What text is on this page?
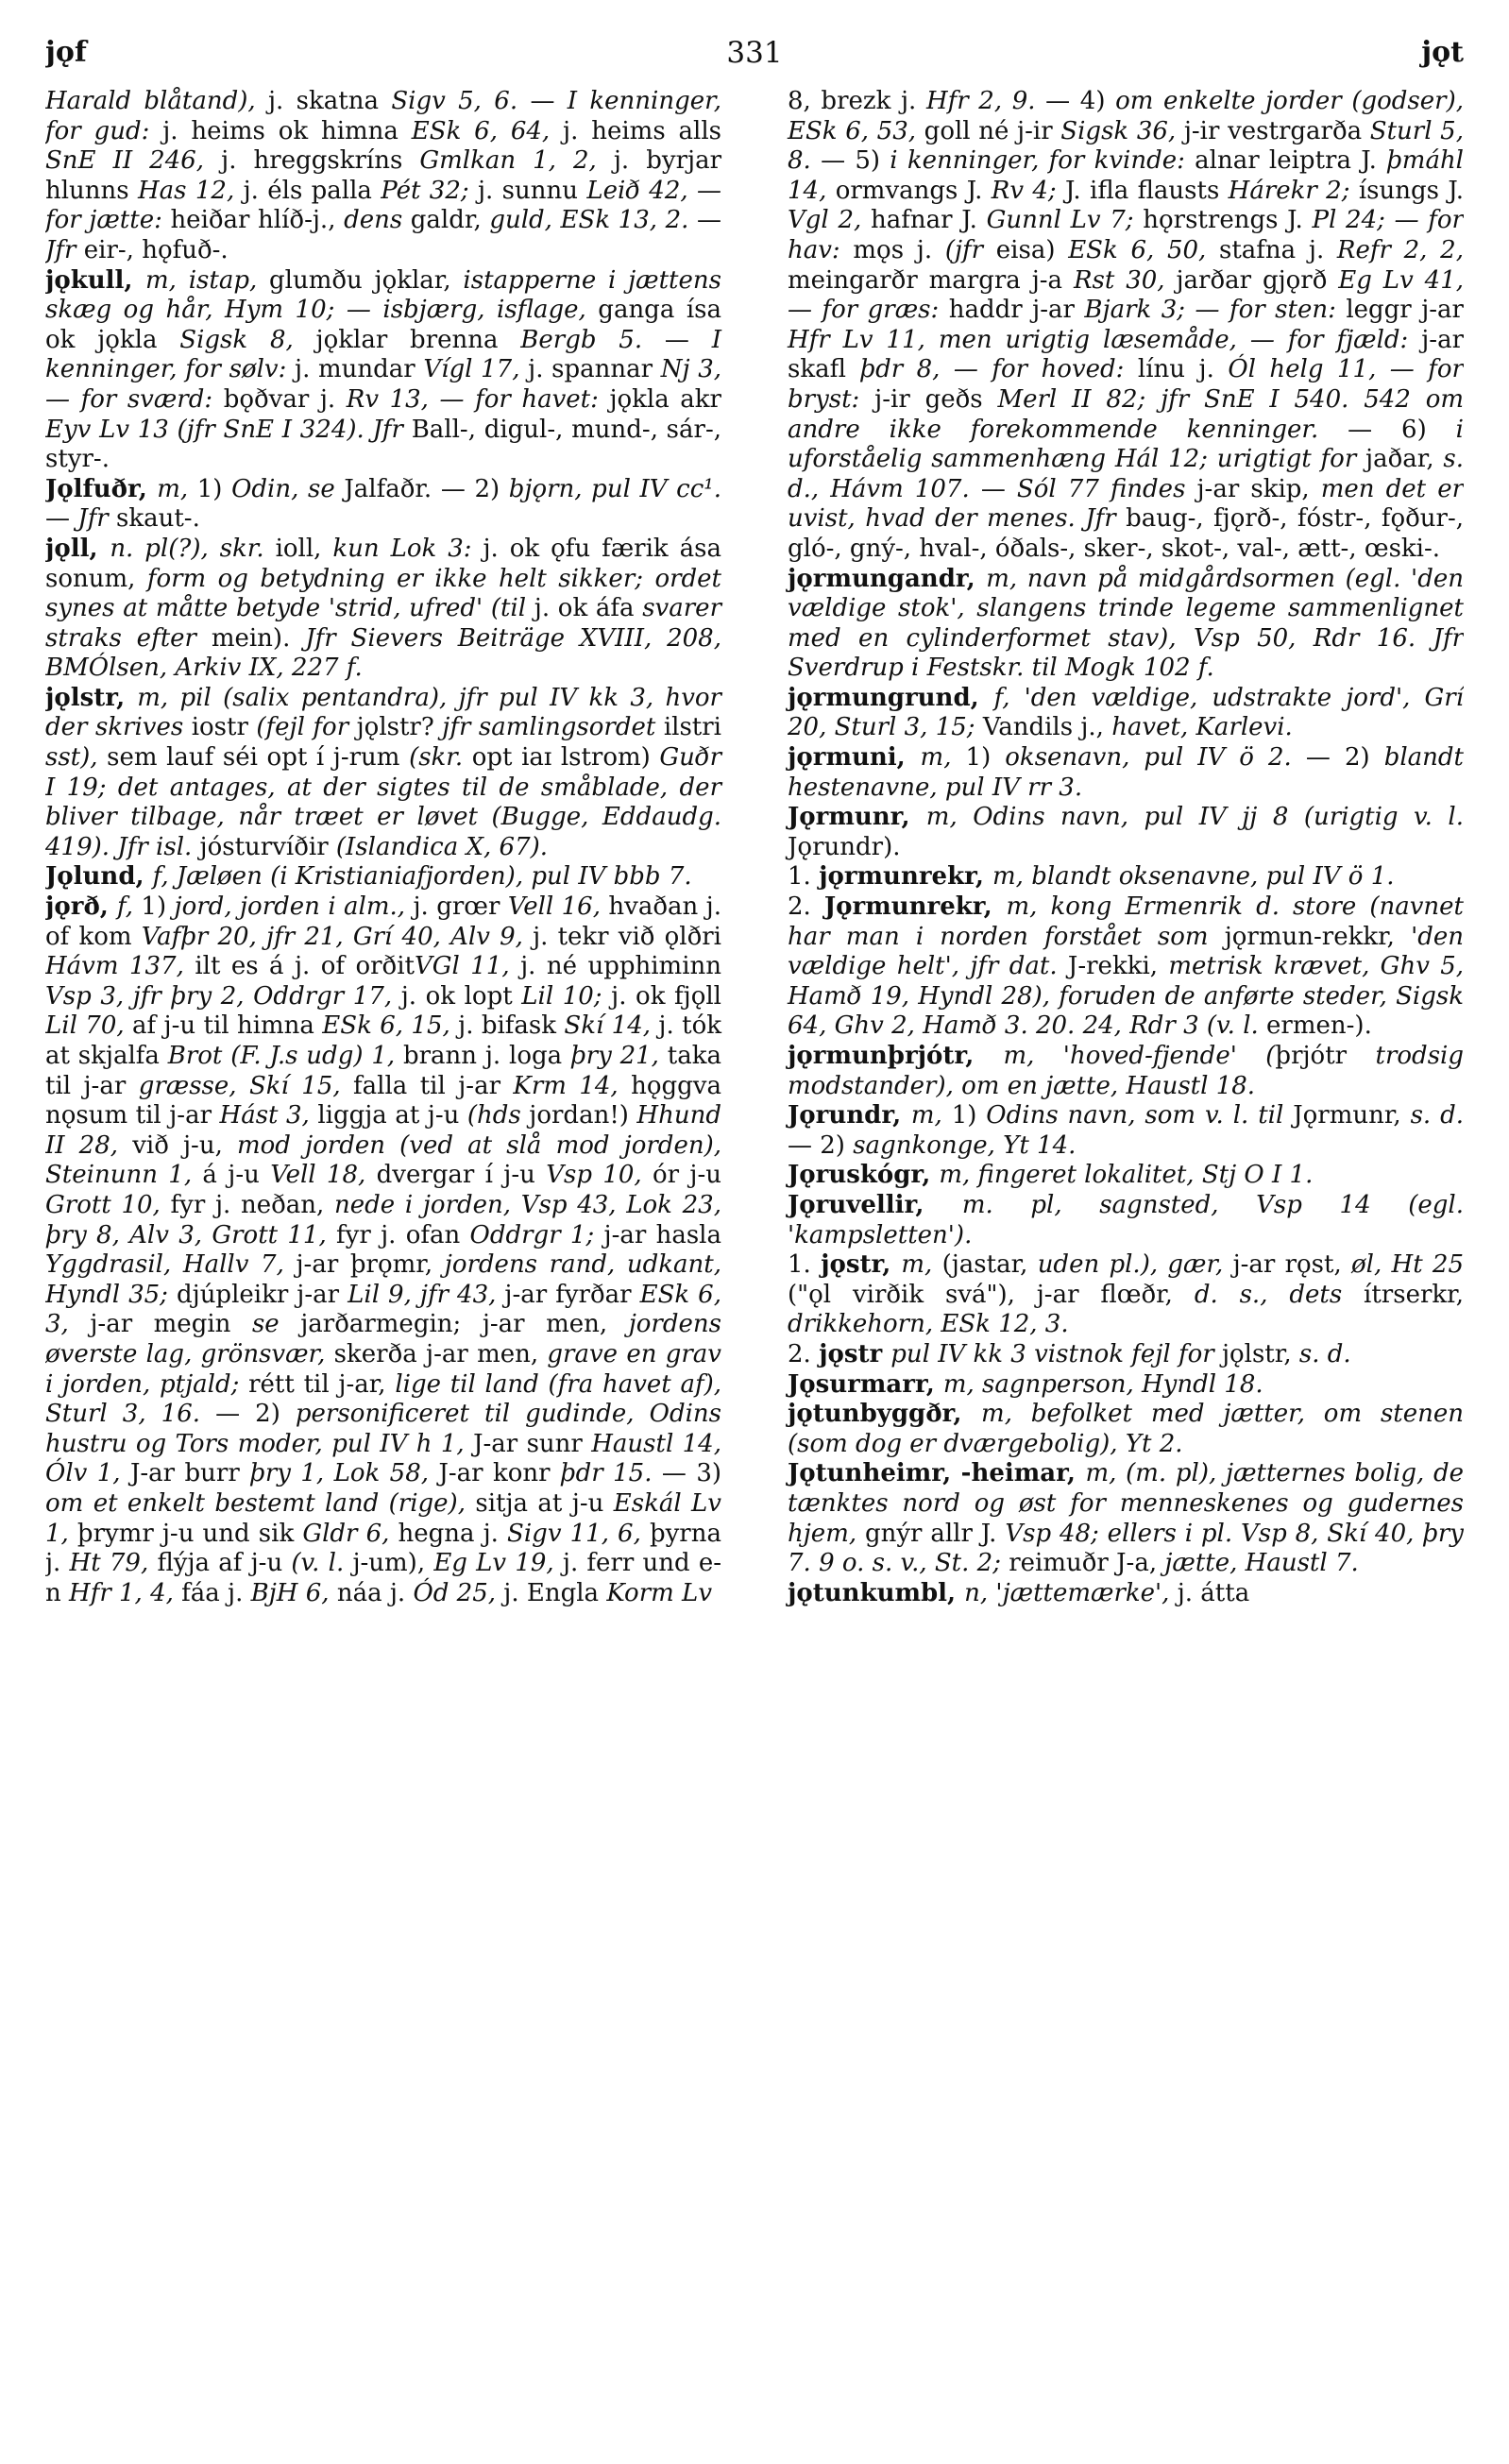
jǫf	331	jǫt

Harald blåtand), j. skatna Sigv 5, 6. — I kenninger, for gud: j. heims ok himna ESk 6, 64, j. heims alls SnE II 246, j. hreggskríns Gmlkan 1, 2, j. byrjar hlunns Has 12, j. éls palla Pét 32; j. sunnu Leið 42, — for jætte: heiðar hlíð-j., dens galdr, guld, ESk 13, 2. — Jfr eir-, hǫfuð-.

jǫkull, m, istap, glumðu jǫklar, istapperne i jættens skæg og hår, Hym 10; — isbjærg, isflage, ganga ísa ok jǫkla Sigsk 8, jǫklar brenna Bergb 5. — I kenninger, for sølv: j. mundar Vígl 17, j. spannar Nj 3, — for sværd: bǫðvar j. Rv 13, — for havet: jǫkla akr Eyv Lv 13 (jfr SnE I 324). Jfr Ball-, digul-, mund-, sár-, styr-.

Jǫlfuðr, m, 1) Odin, se Jalfaðr. — 2) bjǫrn, pul IV cc¹. — Jfr skaut-.

jǫll, n. pl(?), skr. ioll, kun Lok 3: j. ok ǫfu færik ása sonum, form og betydning er ikke helt sikker; ordet synes at måtte betyde 'strid, ufred' (til j. ok áfa svarer straks efter mein). Jfr Sievers Beiträge XVIII, 208, BMÓlsen, Arkiv IX, 227 f.

jǫlstr, m, pil (salix pentandra), jfr pul IV kk 3, hvor der skrives iostr (fejl for jǫlstr? jfr samlingsordet ilstri sst), sem lauf séi opt í j-rum (skr. opt iaɪ lstrom) Guðr I 19; det antages, at der sigtes til de småblade, der bliver tilbage, når træet er løvet (Bugge, Eddaudg. 419). Jfr isl. jósturvíðir (Islandica X, 67).

Jǫlund, f, Jæløen (i Kristianiafjorden), pul IV bbb 7.

jǫrð, f, 1) jord, jorden i alm., j. grœr Vell 16, hvaðan j. of kom Vafþr 20, jfr 21, Grí 40, Alv 9, j. tekr við ǫlðri Hávm 137, ilt es á j. of orðitVGl 11, j. né upphiminn Vsp 3, jfr þry 2, Oddrgr 17, j. ok lopt Lil 10; j. ok fjǫll Lil 70, af j-u til himna ESk 6, 15, j. bifask Skí 14, j. tók at skjalfa Brot (F. J.s udg) 1, brann j. loga þry 21, taka til j-ar græsse, Skí 15, falla til j-ar Krm 14, hǫggva nǫsum til j-ar Hást 3, liggja at j-u (hds jordan!) Hhund II 28, við j-u, mod jorden (ved at slå mod jorden), Steinunn 1, á j-u Vell 18, dvergar í j-u Vsp 10, ór j-u Grott 10, fyr j. neðan, nede i jorden, Vsp 43, Lok 23, þry 8, Alv 3, Grott 11, fyr j. ofan Oddrgr 1; j-ar hasla Yggdrasil, Hallv 7, j-ar þrǫmr, jordens rand, udkant, Hyndl 35; djúpleikr j-ar Lil 9, jfr 43, j-ar fyrðar ESk 6, 3, j-ar megin se jarðarmegin; j-ar men, jordens øverste lag, grönsvær, skerða j-ar men, grave en grav i jorden, ptjald; rétt til j-ar, lige til land (fra havet af), Sturl 3, 16. — 2) personificeret til gudinde, Odins hustru og Tors moder, pul IV h 1, J-ar sunr Haustl 14, Ólv 1, J-ar burr þry 1, Lok 58, J-ar konr þdr 15. — 3) om et enkelt bestemt land (rige), sitja at j-u Eskál Lv 1, þrymr j-u und sik Gldr 6, hegna j. Sigv 11, 6, þyrna j. Ht 79, flýja af j-u (v. l. j-um), Eg Lv 19, j. ferr und e-n Hfr 1, 4, fáa j. BjH 6, náa j. Ód 25, j. Engla Korm Lv

8, brezk j. Hfr 2, 9. — 4) om enkelte jorder (godser), ESk 6, 53, goll né j-ir Sigsk 36, j-ir vestrgarða Sturl 5, 8. — 5) i kenninger, for kvinde: alnar leiptra J. þmáhl 14, ormvangs J. Rv 4; J. ifla flausts Hárekr 2; ísungs J. Vgl 2, hafnar J. Gunnl Lv 7; hǫrstrengs J. Pl 24; — for hav: mǫs j. (jfr eisa) ESk 6, 50, stafna j. Refr 2, 2, meingarðr margra j-a Rst 30, jarðar gjǫrð Eg Lv 41, — for græs: haddr j-ar Bjark 3; — for sten: leggr j-ar Hfr Lv 11, men urigtig læsemåde, — for fjæld: j-ar skafl þdr 8, — for hoved: línu j. Ól helg 11, — for bryst: j-ir geðs Merl II 82; jfr SnE I 540. 542 om andre ikke forekommende kenninger. — 6) i uforståelig sammenhæng Hál 12; urigtigt for jaðar, s. d., Hávm 107. — Sól 77 findes j-ar skip, men det er uvist, hvad der menes. Jfr baug-, fjǫrð-, fóstr-, fǫður-, gló-, gný-, hval-, óðals-, sker-, skot-, val-, ætt-, œski-.

jǫrmungandr, m, navn på midgårdsormen (egl. 'den vældige stok', slangens trinde legeme sammenlignet med en cylinderformet stav), Vsp 50, Rdr 16. Jfr Sverdrup i Festskr. til Mogk 102 f.

jǫrmungrund, f, 'den vældige, udstrakte jord', Grí 20, Sturl 3, 15; Vandils j., havet, Karlevi.

jǫrmuni, m, 1) oksenavn, pul IV ö 2. — 2) blandt hestenavne, pul IV rr 3.

Jǫrmunr, m, Odins navn, pul IV jj 8 (urigtig v. l. Jǫrundr).

1. jǫrmunrekr, m, blandt oksenavne, pul IV ö 1.

2. Jǫrmunrekr, m, kong Ermenrik d. store (navnet har man i norden forstået som jǫrmun-rekkr, 'den vældige helt', jfr dat. J-rekki, metrisk krævet, Ghv 5, Hamð 19, Hyndl 28), foruden de anførte steder, Sigsk 64, Ghv 2, Hamð 3. 20. 24, Rdr 3 (v. l. ermen-).

jǫrmunþrjótr, m, 'hoved-fjende' (þrjótr trodsig modstander), om en jætte, Haustl 18.

Jǫrundr, m, 1) Odins navn, som v. l. til Jǫrmunr, s. d. — 2) sagnkonge, Yt 14.

Jǫruskógr, m, fingeret lokalitet, Stj O I 1.

Jǫruvellir, m. pl, sagnsted, Vsp 14 (egl. 'kampsletten').

1. jǫstr, m, (jastar, uden pl.), gær, j-ar rǫst, øl, Ht 25 ("ǫl virðik svá"), j-ar flœðr, d. s., dets ítrserkr, drikkehorn, ESk 12, 3.

2. jǫstr pul IV kk 3 vistnok fejl for jǫlstr, s. d.

Jǫsurmarr, m, sagnperson, Hyndl 18.

jǫtunbyggðr, m, befolket med jætter, om stenen (som dog er dværgebolig), Yt 2.

Jǫtunheimr, -heimar, m, (m. pl), jætternes bolig, de tænktes nord og øst for menneskenes og gudernes hjem, gnýr allr J. Vsp 48; ellers i pl. Vsp 8, Skí 40, þry 7. 9 o. s. v., St. 2; reimuðr J-a, jætte, Haustl 7.

jǫtunkumbl, n, 'jættemærke', j. átta
